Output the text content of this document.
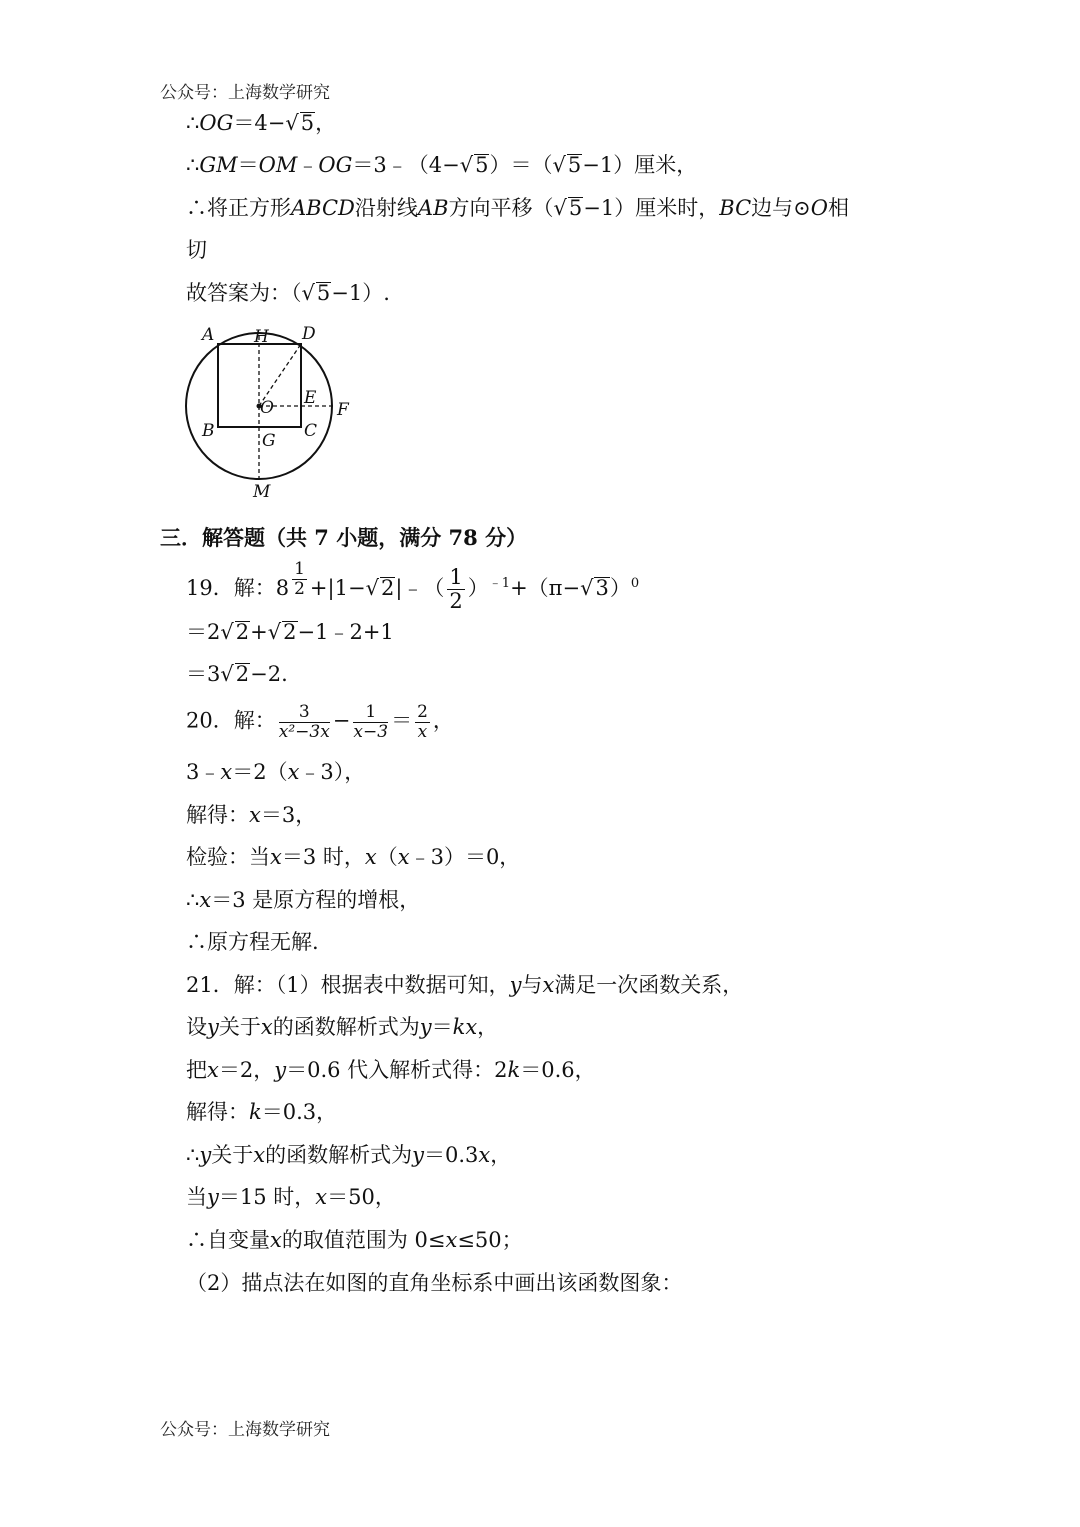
公众号：上海数学研究
∴OG＝4−√5，
∴GM＝OM﹣OG＝3﹣（4−√5）＝（√5−1）厘米，
∴将正方形ABCD沿射线AB方向平移（√5−1）厘米时，BC边与⊙O相
切
故答案为：（√5−1）.
A H D
E
O	F
B	G C
M
三．解答题（共 7 小题，满分 78 分）
19．解：$8 \frac{1}{2}$ +|1−√2|﹣（ $\frac{1}{2} )^{﹣1}+(\pi-√3)^0$
＝2√2+√2−1﹣2+1
＝3√2−2.
20．解： $\frac{3}{\text{x²−3x}} - \frac{1}{x-3} = \frac{2}{x}$ ，
3﹣x＝2（x﹣3），
解得：x＝3，
检验：当x＝3 时，x（x﹣3）＝0，
∴x＝3 是原方程的增根，
∴原方程无解.
21．解：（1）根据表中数据可知，y与x满足一次函数关系，
设y关于x的函数解析式为y＝kx，
把x＝2，y＝0.6 代入解析式得：2k＝0.6，
解得：k＝0.3，
∴y关于x的函数解析式为y＝0.3x，
当y＝15 时，x＝50，
∴自变量x的取值范围为 0≤x≤50；
（2）描点法在如图的直角坐标系中画出该函数图象：
公众号：上海数学研究
